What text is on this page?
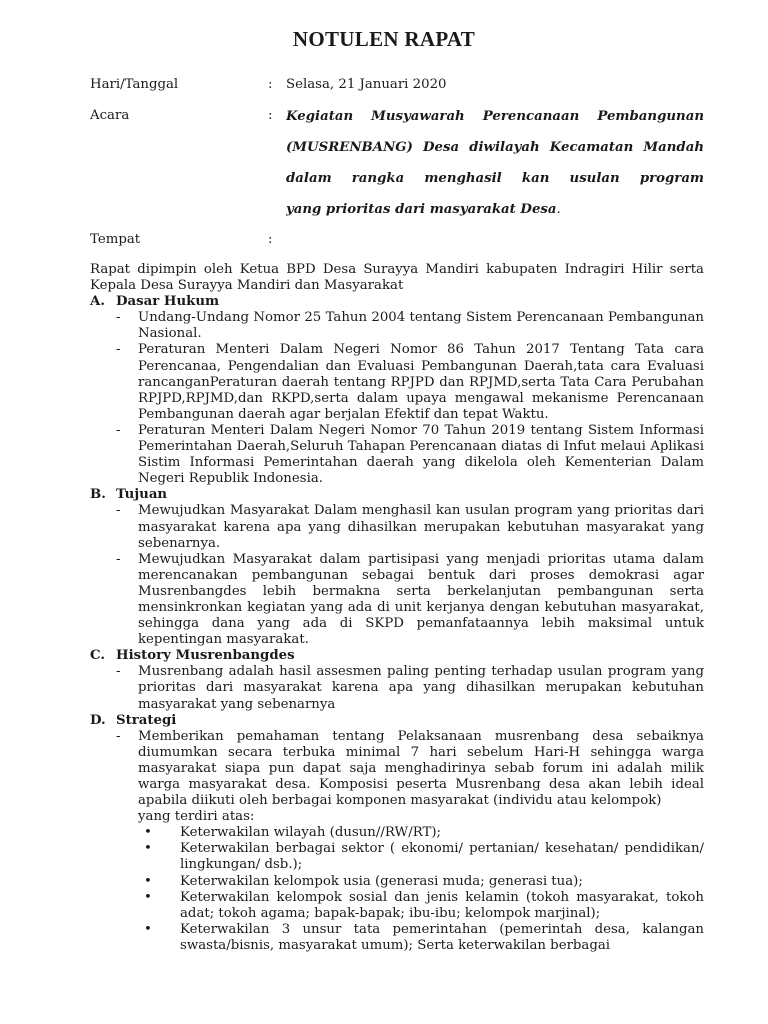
NOTULEN RAPAT
Hari/Tanggal	: Selasa, 21 Januari 2020
Acara	: Kegiatan Musyawarah Perencanaan Pembangunan
(MUSRENBANG) Desa diwilayah Kecamatan Mandah
dalam rangka menghasil kan usulan program
yang prioritas dari masyarakat Desa.
Tempat	:
Rapat dipimpin oleh Ketua BPD Desa Surayya Mandiri kabupaten Indragiri Hilir serta Kepala Desa Surayya Mandiri dan Masyarakat
A. Dasar Hukum
-	Undang-Undang Nomor 25 Tahun 2004 tentang Sistem Perencanaan Pembangunan Nasional.
-	Peraturan Menteri Dalam Negeri Nomor 86 Tahun 2017 Tentang Tata cara Perencanaa, Pengendalian dan Evaluasi Pembangunan Daerah,tata cara Evaluasi rancanganPeraturan daerah tentang RPJPD dan RPJMD,serta Tata Cara Perubahan RPJPD,RPJMD,dan RKPD,serta dalam upaya mengawal mekanisme Perencanaan Pembangunan daerah agar berjalan Efektif dan tepat Waktu.
-	Peraturan Menteri Dalam Negeri Nomor 70 Tahun 2019 tentang Sistem Informasi Pemerintahan Daerah,Seluruh Tahapan Perencanaan diatas di Infut melaui Aplikasi Sistim Informasi Pemerintahan daerah yang dikelola oleh Kementerian Dalam Negeri Republik Indonesia.
B. Tujuan
-	Mewujudkan Masyarakat Dalam menghasil kan usulan program yang prioritas dari masyarakat karena apa yang dihasilkan merupakan kebutuhan masyarakat yang sebenarnya.
-	Mewujudkan Masyarakat dalam partisipasi yang menjadi prioritas utama dalam merencanakan pembangunan sebagai bentuk dari proses demokrasi agar Musrenbangdes lebih bermakna serta berkelanjutan pembangunan serta mensinkronkan kegiatan yang ada di unit kerjanya dengan kebutuhan masyarakat, sehingga dana yang ada di SKPD pemanfataannya lebih maksimal untuk kepentingan masyarakat.
C. History Musrenbangdes
-	Musrenbang adalah hasil assesmen paling penting terhadap usulan program yang prioritas dari masyarakat karena apa yang dihasilkan merupakan kebutuhan masyarakat yang sebenarnya
D. Strategi
-	Memberikan pemahaman tentang Pelaksanaan musrenbang desa sebaiknya diumumkan secara terbuka minimal 7 hari sebelum Hari-H sehingga warga masyarakat siapa pun dapat saja menghadirinya sebab forum ini adalah milik warga masyarakat desa. Komposisi peserta Musrenbang desa akan lebih ideal apabila diikuti oleh berbagai komponen masyarakat (individu atau kelompok)
yang terdiri atas:
•	Keterwakilan wilayah (dusun//RW/RT);
•	Keterwakilan berbagai sektor ( ekonomi/ pertanian/ kesehatan/ pendidikan/ lingkungan/ dsb.);
•	Keterwakilan kelompok usia (generasi muda; generasi tua);
•	Keterwakilan kelompok sosial dan jenis kelamin (tokoh masyarakat, tokoh adat; tokoh agama; bapak-bapak; ibu-ibu; kelompok marjinal);
•	Keterwakilan 3 unsur tata pemerintahan (pemerintah desa, kalangan swasta/bisnis, masyarakat umum); Serta keterwakilan berbagai
